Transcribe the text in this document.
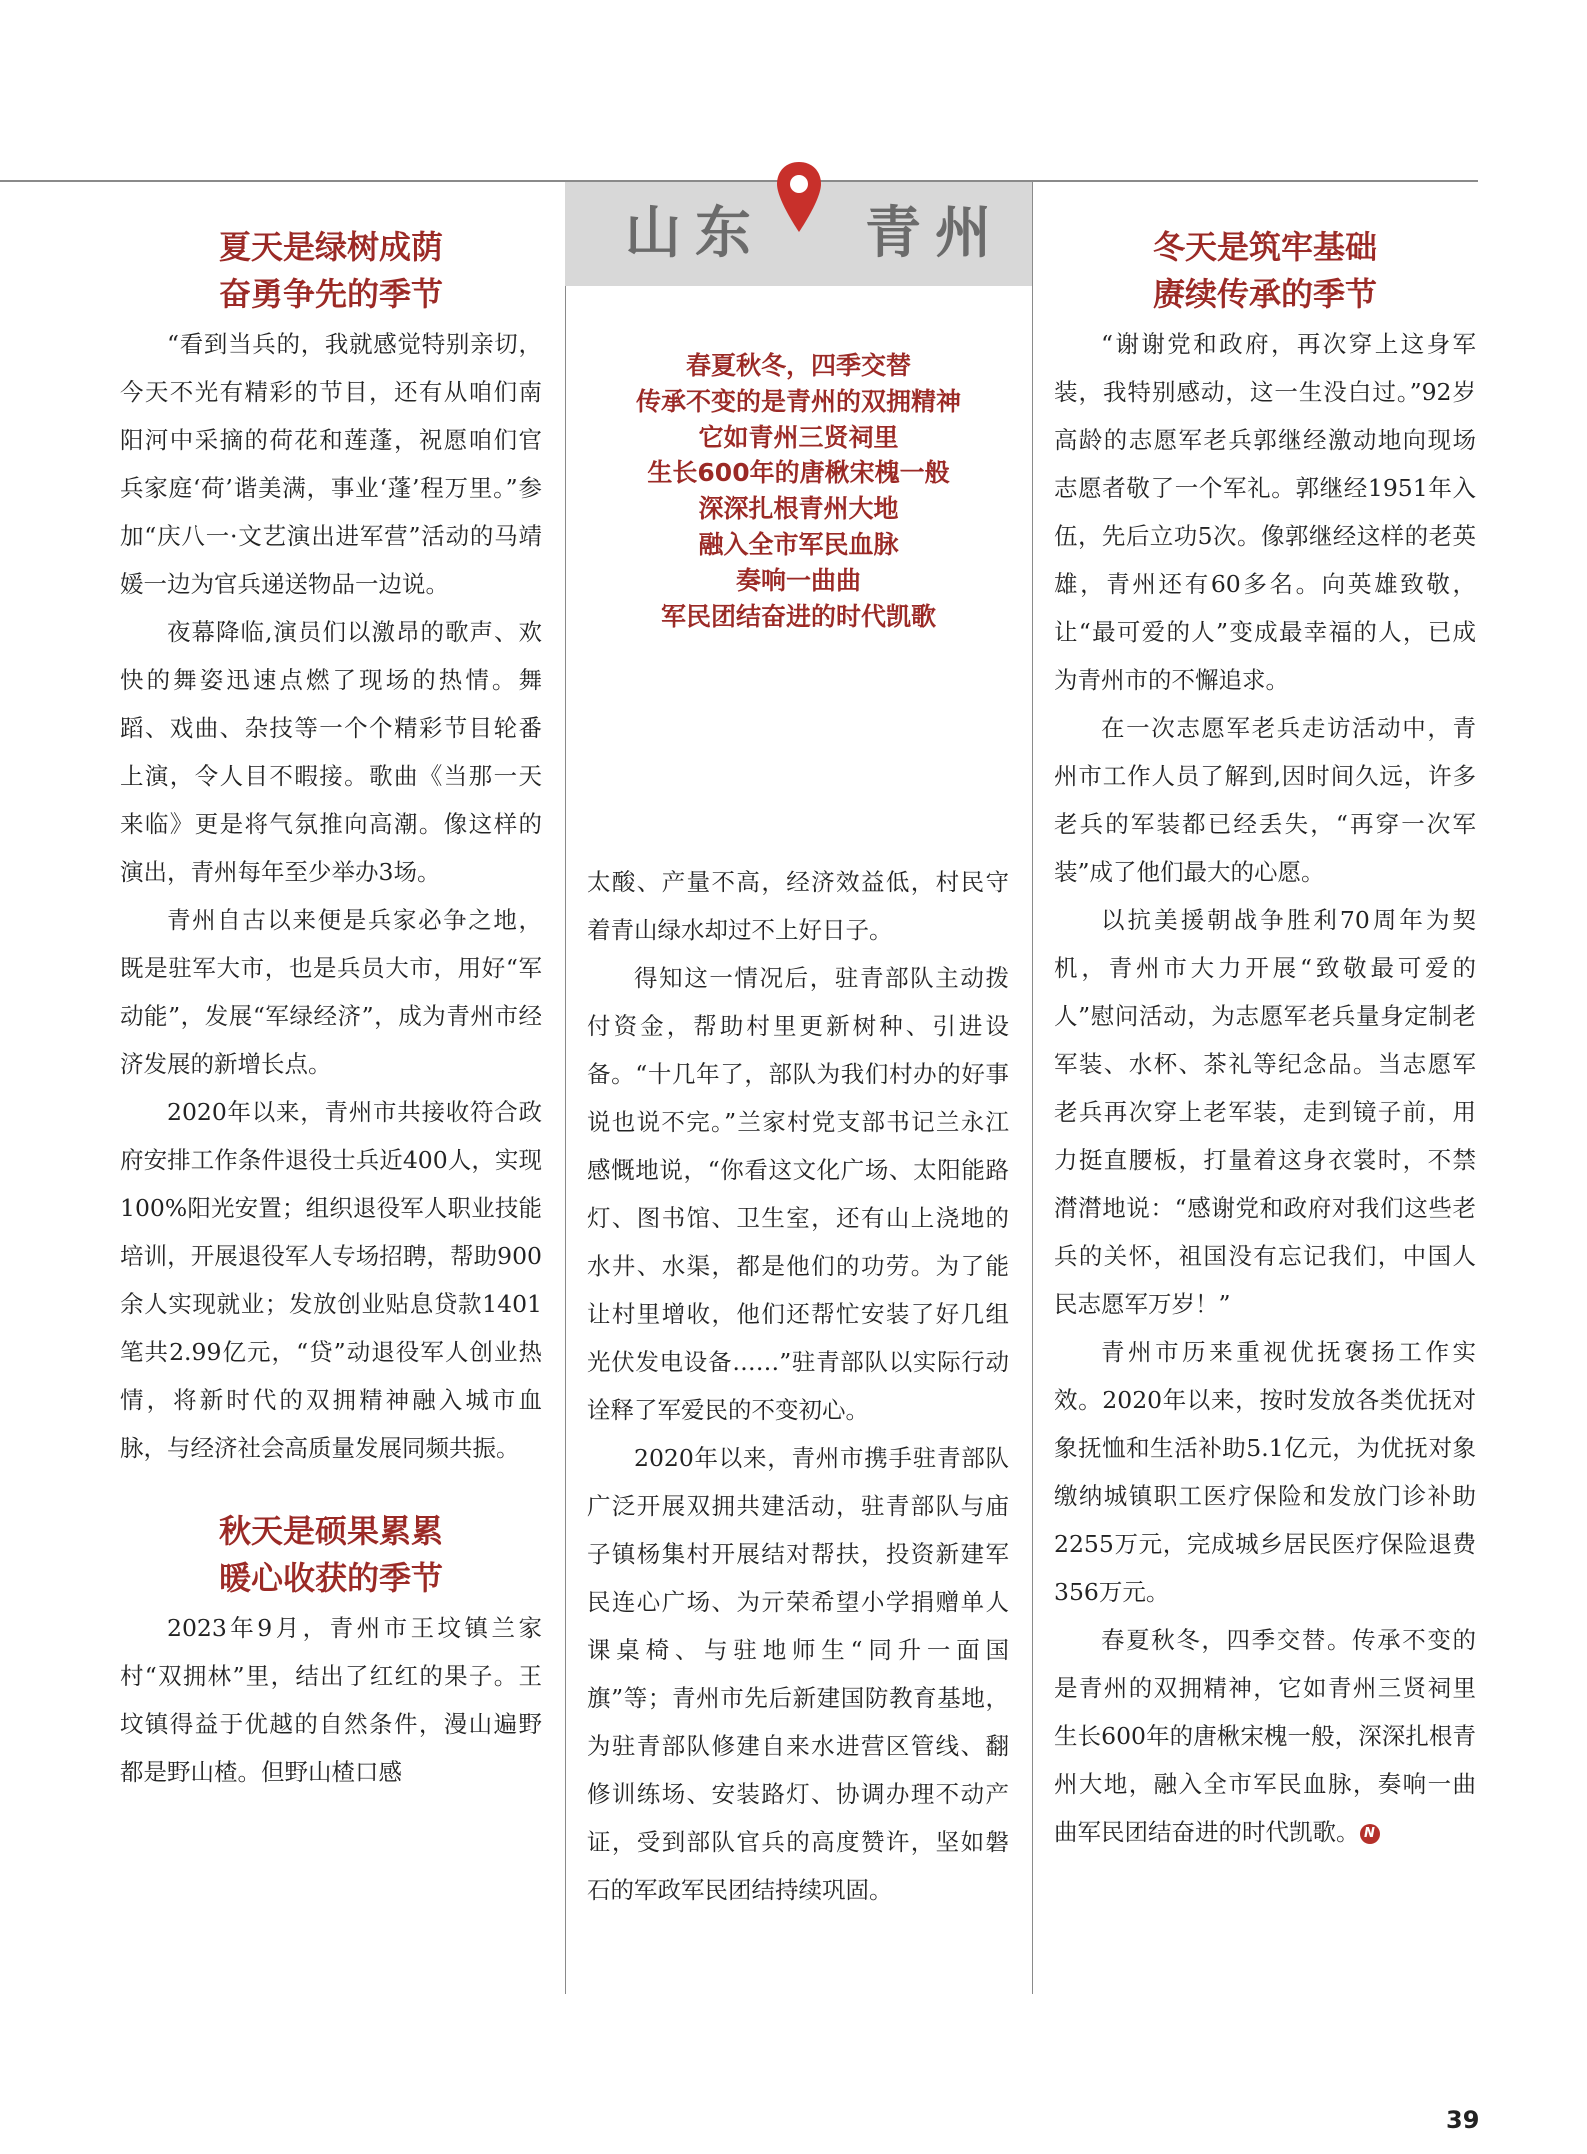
山东 青州
春夏秋冬，四季交替
传承不变的是青州的双拥精神
它如青州三贤祠里
生长600年的唐楸宋槐一般
深深扎根青州大地
融入全市军民血脉
奏响一曲曲
军民团结奋进的时代凯歌
夏天是绿树成荫
奋勇争先的季节

“看到当兵的，我就感觉特别亲切，今天不光有精彩的节目，还有从咱们南阳河中采摘的荷花和莲蓬，祝愿咱们官兵家庭‘荷’谐美满，事业‘蓬’程万里。”参加“庆八一·文艺演出进军营”活动的马靖媛一边为官兵递送物品一边说。

夜幕降临,演员们以激昂的歌声、欢快的舞姿迅速点燃了现场的热情。舞蹈、戏曲、杂技等一个个精彩节目轮番上演，令人目不暇接。歌曲《当那一天来临》更是将气氛推向高潮。像这样的演出，青州每年至少举办3场。

青州自古以来便是兵家必争之地，既是驻军大市，也是兵员大市，用好“军动能”，发展“军绿经济”，成为青州市经济发展的新增长点。

2020年以来，青州市共接收符合政府安排工作条件退役士兵近400人，实现100%阳光安置；组织退役军人职业技能培训，开展退役军人专场招聘，帮助900余人实现就业；发放创业贴息贷款1401笔共2.99亿元，“贷”动退役军人创业热情，将新时代的双拥精神融入城市血脉，与经济社会高质量发展同频共振。

秋天是硕果累累
暖心收获的季节

2023年9月，青州市王坟镇兰家村“双拥林”里，结出了红红的果子。王坟镇得益于优越的自然条件，漫山遍野都是野山楂。但野山楂口感

太酸、产量不高，经济效益低，村民守着青山绿水却过不上好日子。

得知这一情况后，驻青部队主动拨付资金，帮助村里更新树种、引进设备。“十几年了，部队为我们村办的好事说也说不完。”兰家村党支部书记兰永江感慨地说，“你看这文化广场、太阳能路灯、图书馆、卫生室，还有山上浇地的水井、水渠，都是他们的功劳。为了能让村里增收，他们还帮忙安装了好几组光伏发电设备……”驻青部队以实际行动诠释了军爱民的不变初心。

2020年以来，青州市携手驻青部队广泛开展双拥共建活动，驻青部队与庙子镇杨集村开展结对帮扶，投资新建军民连心广场、为亓荣希望小学捐赠单人课桌椅、与驻地师生“同升一面国旗”等；青州市先后新建国防教育基地，为驻青部队修建自来水进营区管线、翻修训练场、安装路灯、协调办理不动产证，受到部队官兵的高度赞许，坚如磐石的军政军民团结持续巩固。

冬天是筑牢基础
赓续传承的季节

“谢谢党和政府，再次穿上这身军装，我特别感动，这一生没白过。”92岁高龄的志愿军老兵郭继经激动地向现场志愿者敬了一个军礼。郭继经1951年入伍，先后立功5次。像郭继经这样的老英雄，青州还有60多名。向英雄致敬，让“最可爱的人”变成最幸福的人，已成为青州市的不懈追求。

在一次志愿军老兵走访活动中，青州市工作人员了解到,因时间久远，许多老兵的军装都已经丢失，“再穿一次军装”成了他们最大的心愿。

以抗美援朝战争胜利70周年为契机，青州市大力开展“致敬最可爱的人”慰问活动，为志愿军老兵量身定制老军装、水杯、茶礼等纪念品。当志愿军老兵再次穿上老军装，走到镜子前，用力挺直腰板，打量着这身衣裳时，不禁潸潸地说：“感谢党和政府对我们这些老兵的关怀，祖国没有忘记我们，中国人民志愿军万岁！”

青州市历来重视优抚褒扬工作实效。2020年以来，按时发放各类优抚对象抚恤和生活补助5.1亿元，为优抚对象缴纳城镇职工医疗保险和发放门诊补助2255万元，完成城乡居民医疗保险退费356万元。

春夏秋冬，四季交替。传承不变的是青州的双拥精神，它如青州三贤祠里生长600年的唐楸宋槐一般，深深扎根青州大地，融入全市军民血脉，奏响一曲曲军民团结奋进的时代凯歌。 N

39
